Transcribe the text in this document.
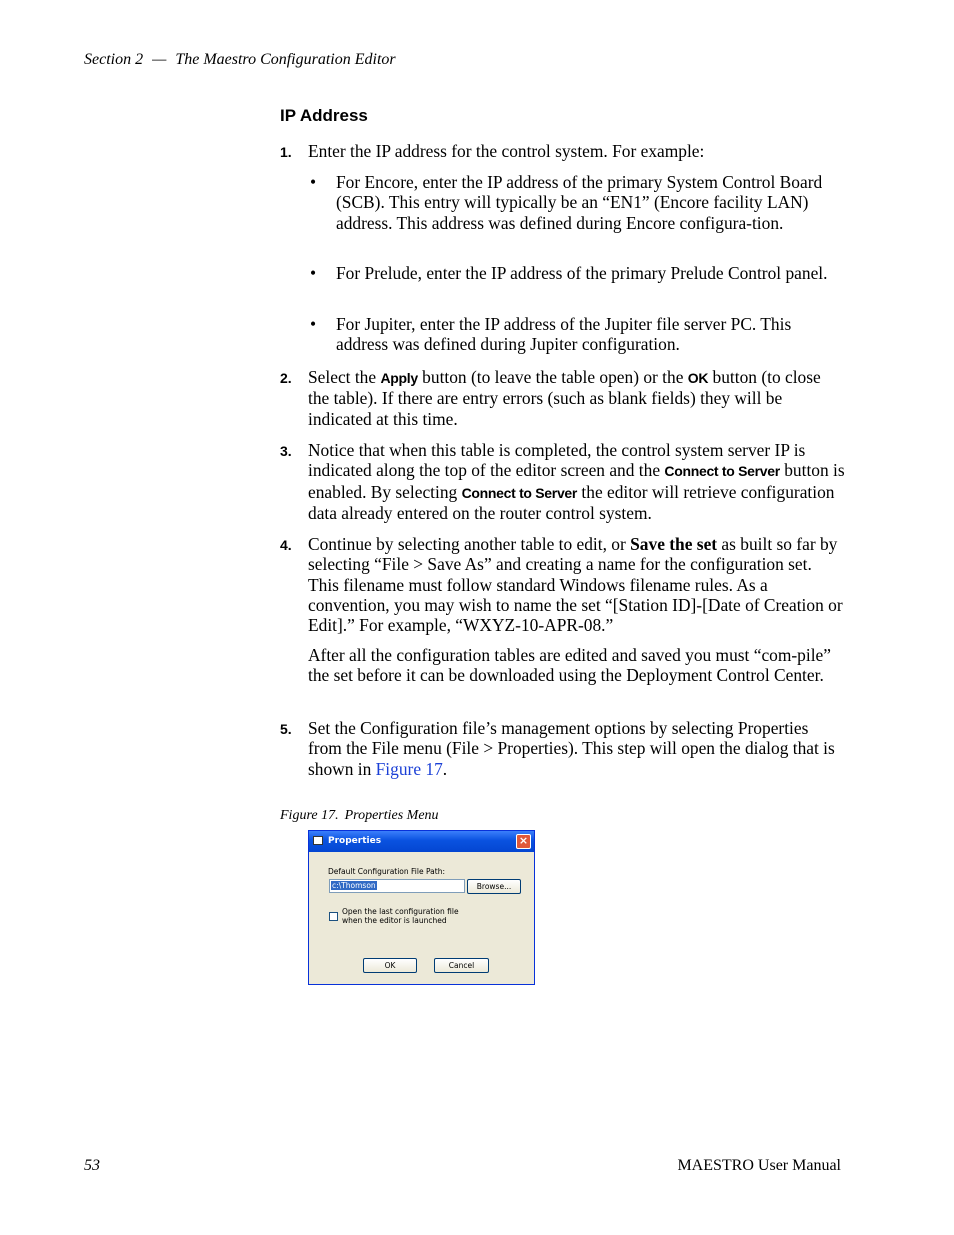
Section 2 — The Maestro Configuration Editor
IP Address

1. Enter the IP address for the control system. For example:

• For Encore, enter the IP address of the primary System Control Board (SCB). This entry will typically be an “EN1” (Encore facility LAN) address. This address was defined during Encore configura-tion.

• For Prelude, enter the IP address of the primary Prelude Control panel.

• For Jupiter, enter the IP address of the Jupiter file server PC. This address was defined during Jupiter configuration.

2. Select the Apply button (to leave the table open) or the OK button (to close the table). If there are entry errors (such as blank fields) they will be indicated at this time.

3. Notice that when this table is completed, the control system server IP is indicated along the top of the editor screen and the Connect to Server button is enabled. By selecting Connect to Server the editor will retrieve configuration data already entered on the router control system.

4. Continue by selecting another table to edit, or Save the set as built so far by selecting “File > Save As” and creating a name for the configuration set. This filename must follow standard Windows filename rules. As a convention, you may wish to name the set “[Station ID]-[Date of Creation or Edit].” For example, “WXYZ-10-APR-08.”

After all the configuration tables are edited and saved you must “com-pile” the set before it can be downloaded using the Deployment Control Center.

5. Set the Configuration file’s management options by selecting Properties from the File menu (File > Properties). This step will open the dialog that is shown in Figure 17.

Figure 17. Properties Menu
Properties	×
Default Configuration File Path:
c:\Thomson	Browse...
Open the last configuration file
when the editor is launched
OK	Cancel
53	MAESTRO User Manual
